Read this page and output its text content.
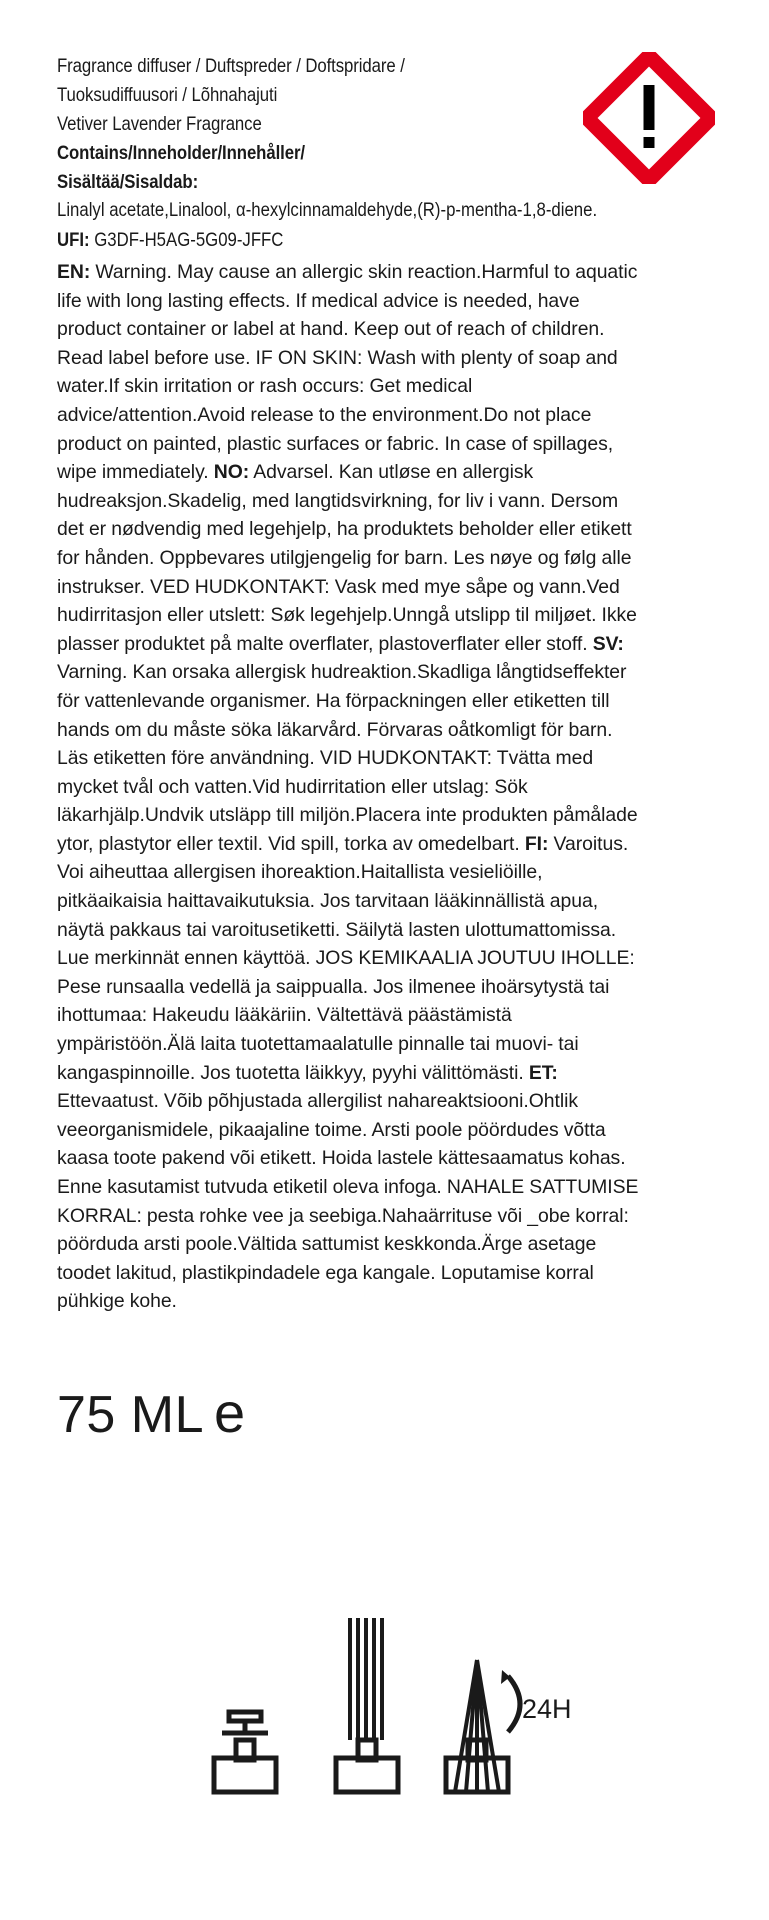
Fragrance diffuser / Duftspreder / Doftspridare /
Tuoksudiffuusori / Lõhnahajuti
Vetiver Lavender Fragrance
Contains/Inneholder/Innehåller/
Sisältää/Sisaldab:
Linalyl acetate,Linalool, α-hexylcinnamaldehyde,(R)-p-mentha-1,8-diene.
UFI: G3DF-H5AG-5G09-JFFC
EN: Warning. May cause an allergic skin reaction.Harmful to aquatic life with long lasting effects. If medical advice is needed, have product container or label at hand. Keep out of reach of children. Read label before use. IF ON SKIN: Wash with plenty of soap and water.If skin irritation or rash occurs: Get medical advice/attention.Avoid release to the environment.Do not place product on painted, plastic surfaces or fabric. In case of spillages, wipe immediately. NO: Advarsel. Kan utløse en allergisk hudreaksjon.Skadelig, med langtidsvirkning, for liv i vann. Dersom det er nødvendig med legehjelp, ha produktets beholder eller etikett for hånden. Oppbevares utilgjengelig for barn. Les nøye og følg alle instrukser. VED HUDKONTAKT: Vask med mye såpe og vann.Ved hudirritasjon eller utslett: Søk legehjelp.Unngå utslipp til miljøet. Ikke plasser produktet på malte overflater, plastoverflater eller stoff. SV: Varning. Kan orsaka allergisk hudreaktion.Skadliga långtidseffekter för vattenlevande organismer. Ha förpackningen eller etiketten till hands om du måste söka läkarvård. Förvaras oåtkomligt för barn. Läs etiketten före användning. VID HUDKONTAKT: Tvätta med mycket tvål och vatten.Vid hudirritation eller utslag: Sök läkarhjälp.Undvik utsläpp till miljön.Placera inte produkten påmålade ytor, plastytor eller textil. Vid spill, torka av omedelbart. FI: Varoitus. Voi aiheuttaa allergisen ihoreaktion.Haitallista vesieliöille, pitkäaikaisia haittavaikutuksia. Jos tarvitaan lääkinnällistä apua, näytä pakkaus tai varoitusetiketti. Säilytä lasten ulottumattomissa. Lue merkinnät ennen käyttöä. JOS KEMIKAALIA JOUTUU IHOLLE: Pese runsaalla vedellä ja saippualla. Jos ilmenee ihoärsytystä tai ihottumaa: Hakeudu lääkäriin. Vältettävä päästämistä ympäristöön.Älä laita tuotettamaalatulle pinnalle tai muovi- tai kangaspinnoille. Jos tuotetta läikkyy, pyyhi välittömästi. ET: Ettevaatust. Võib põhjustada allergilist nahareaktsiooni.Ohtlik veeorganismidele, pikaajaline toime. Arsti poole pöördudes võtta kaasa toote pakend või etikett. Hoida lastele kättesaamatus kohas. Enne kasutamist tutvuda etiketil oleva infoga. NAHALE SATTUMISE KORRAL: pesta rohke vee ja seebiga.Nahaärrituse või _obe korral: pöörduda arsti poole.Vältida sattumist keskkonda.Ärge asetage toodet lakitud, plastikpindadele ega kangale. Loputamise korral pühkige kohe.
75 ML e
24H
